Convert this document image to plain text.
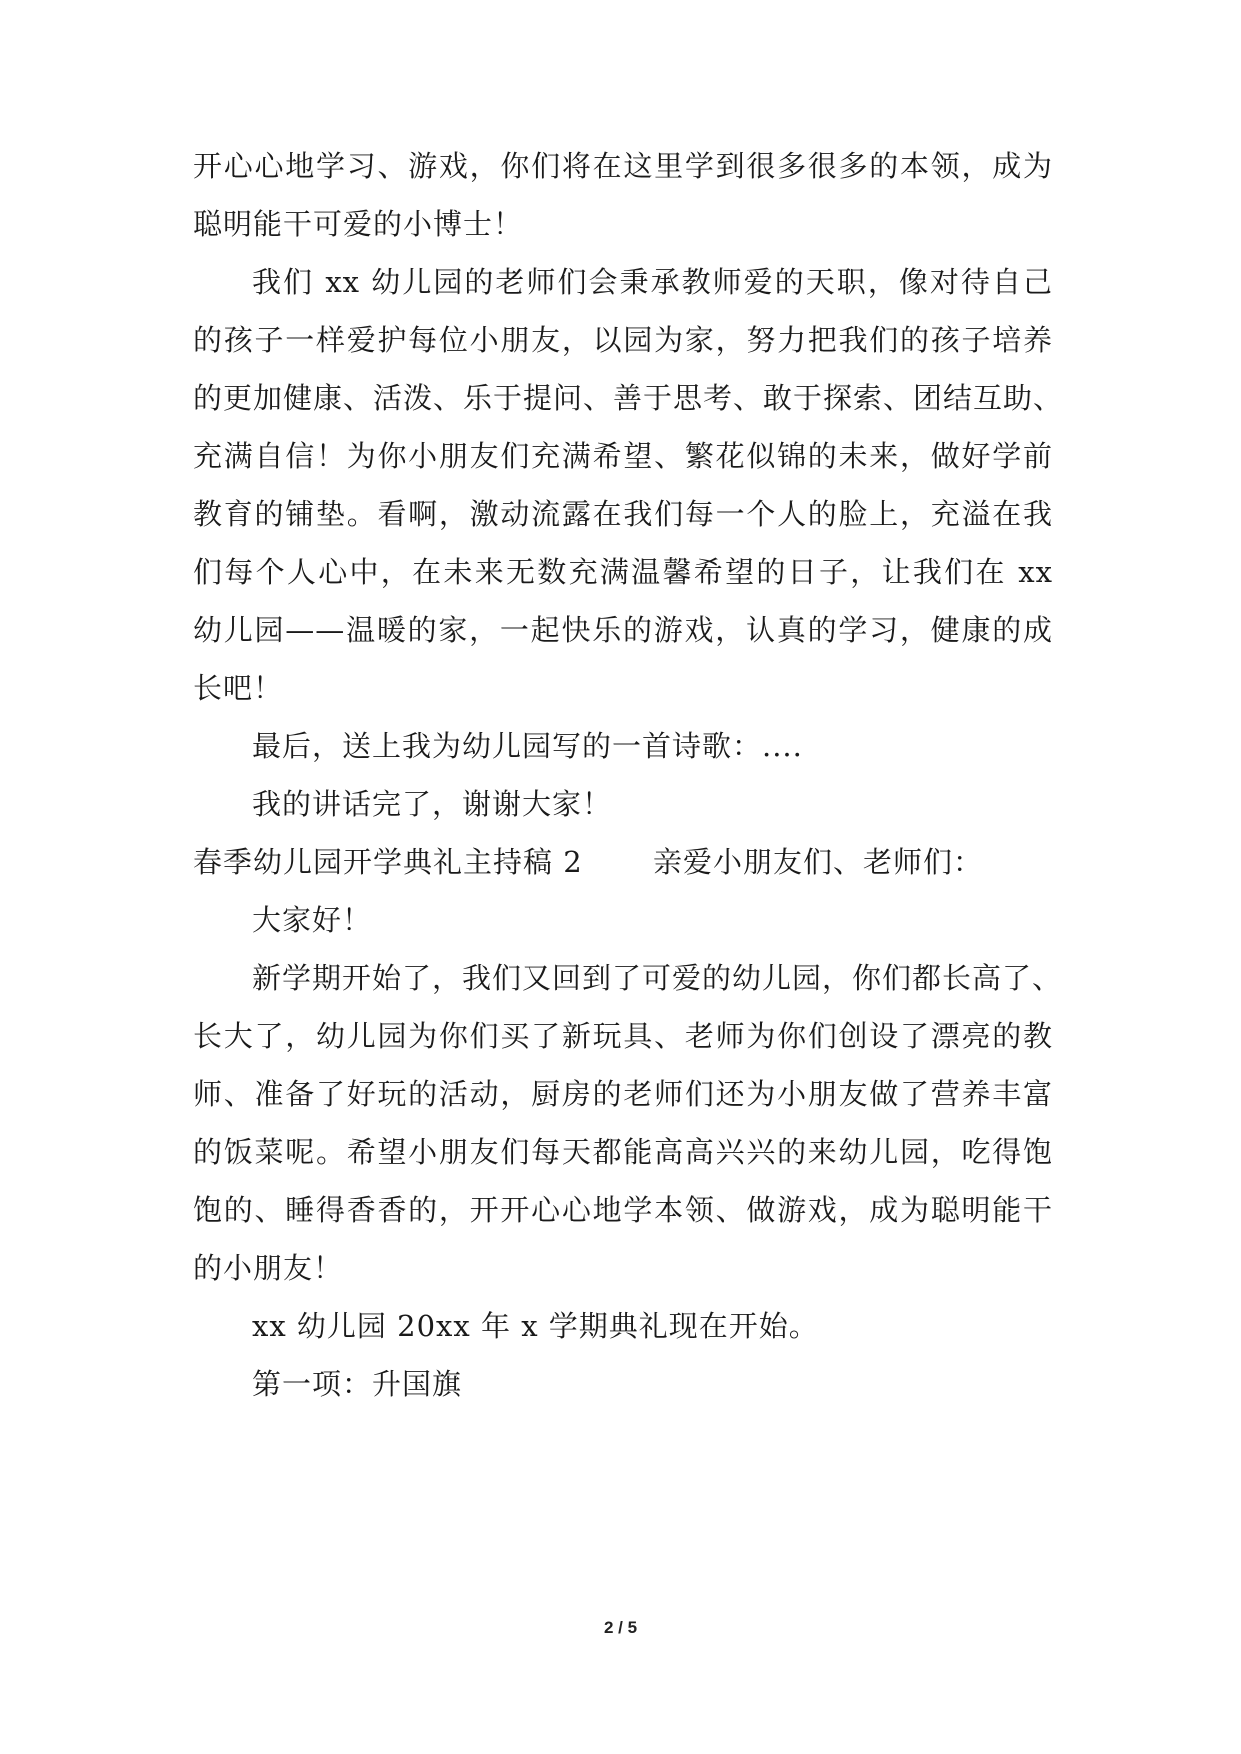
开心心地学习、游戏，你们将在这里学到很多很多的本领，成为
聪明能干可爱的小博士！
我们 xx 幼儿园的老师们会秉承教师爱的天职，像对待自己
的孩子一样爱护每位小朋友，以园为家，努力把我们的孩子培养
的更加健康、活泼、乐于提问、善于思考、敢于探索、团结互助、
充满自信！为你小朋友们充满希望、繁花似锦的未来，做好学前
教育的铺垫。看啊，激动流露在我们每一个人的脸上，充溢在我
们每个人心中，在未来无数充满温馨希望的日子，让我们在 xx
幼儿园——温暖的家，一起快乐的游戏，认真的学习，健康的成
长吧！
最后，送上我为幼儿园写的一首诗歌：....
我的讲话完了，谢谢大家！
春季幼儿园开学典礼主持稿 2 亲爱小朋友们、老师们：
大家好！
新学期开始了，我们又回到了可爱的幼儿园，你们都长高了、
长大了，幼儿园为你们买了新玩具、老师为你们创设了漂亮的教
师、准备了好玩的活动，厨房的老师们还为小朋友做了营养丰富
的饭菜呢。希望小朋友们每天都能高高兴兴的来幼儿园，吃得饱
饱的、睡得香香的，开开心心地学本领、做游戏，成为聪明能干
的小朋友！
xx 幼儿园 20xx 年 x 学期典礼现在开始。
第一项：升国旗
2 / 5
